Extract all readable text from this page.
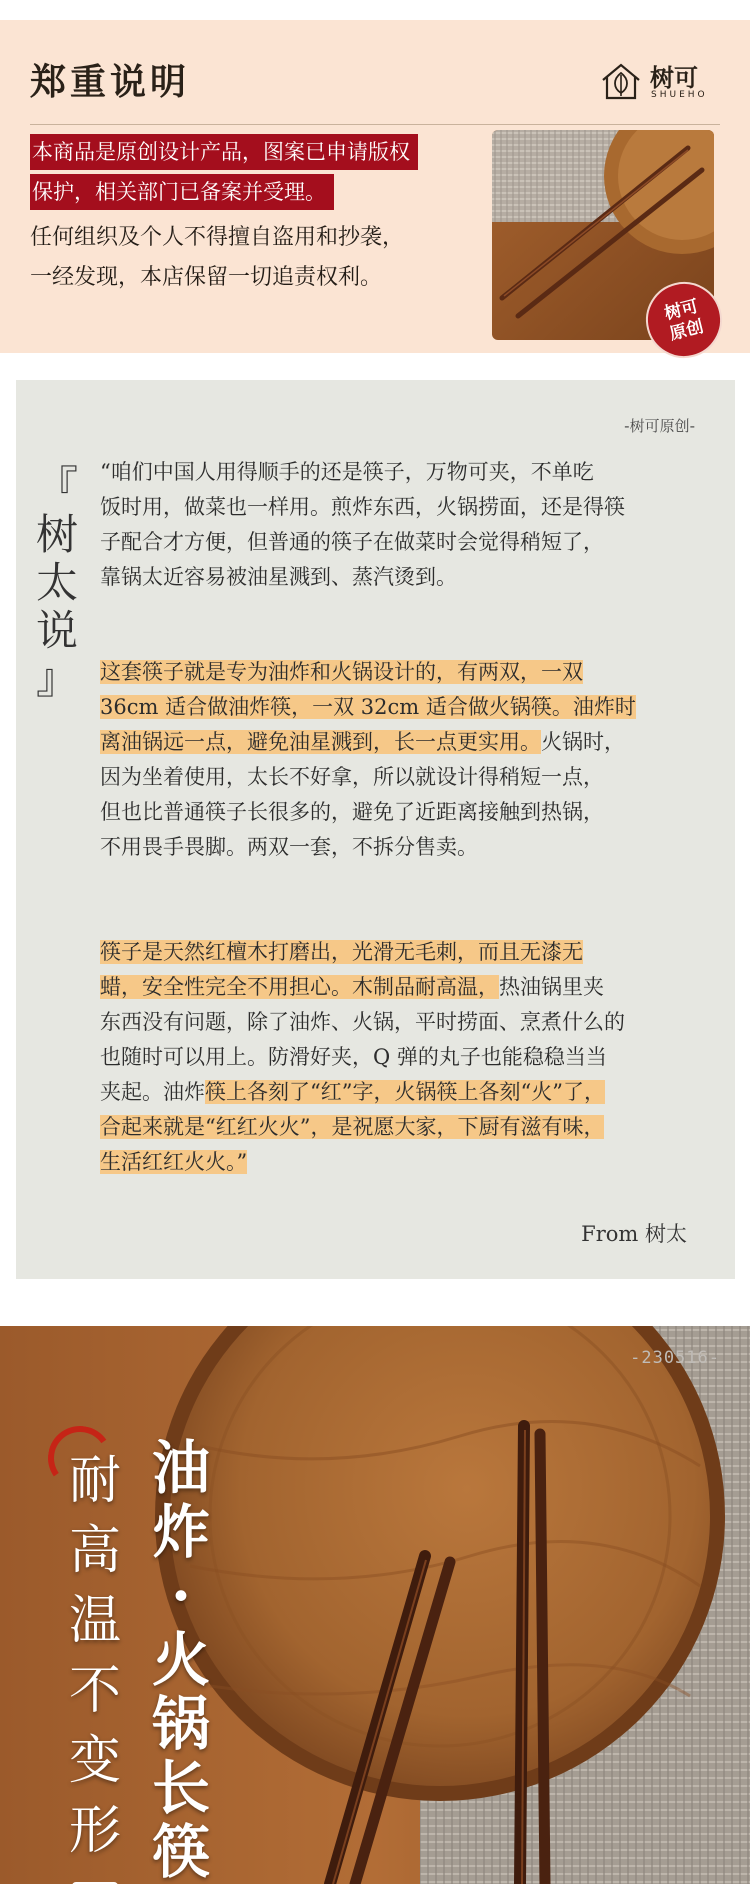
郑重说明	树可
SHUEHO
本商品是原创设计产品，图案已申请版权
保护，相关部门已备案并受理。
任何组织及个人不得擅自盗用和抄袭，
一经发现，本店保留一切追责权利。
树可
原创
-树可原创-
『
树
太
说
』
“咱们中国人用得顺手的还是筷子，万物可夹，不单吃
饭时用，做菜也一样用。煎炸东西，火锅捞面，还是得筷
子配合才方便，但普通的筷子在做菜时会觉得稍短了，
靠锅太近容易被油星溅到、蒸汽烫到。
这套筷子就是专为油炸和火锅设计的，有两双，一双
36cm 适合做油炸筷，一双 32cm 适合做火锅筷。油炸时
离油锅远一点，避免油星溅到，长一点更实用。火锅时，
因为坐着使用，太长不好拿，所以就设计得稍短一点，
但也比普通筷子长很多的，避免了近距离接触到热锅，
不用畏手畏脚。两双一套，不拆分售卖。
筷子是天然红檀木打磨出，光滑无毛刺，而且无漆无
蜡，安全性完全不用担心。木制品耐高温，热油锅里夹
东西没有问题，除了油炸、火锅，平时捞面、烹煮什么的
也随时可以用上。防滑好夹，Q 弹的丸子也能稳稳当当
夹起。油炸筷上各刻了“红”字，火锅筷上各刻“火”了，
合起来就是“红红火火”，是祝愿大家，下厨有滋有味，
生活红红火火。”
From 树太
-230516-
油
炸
·
火
锅
长
筷
耐
高
温
不
变
形
